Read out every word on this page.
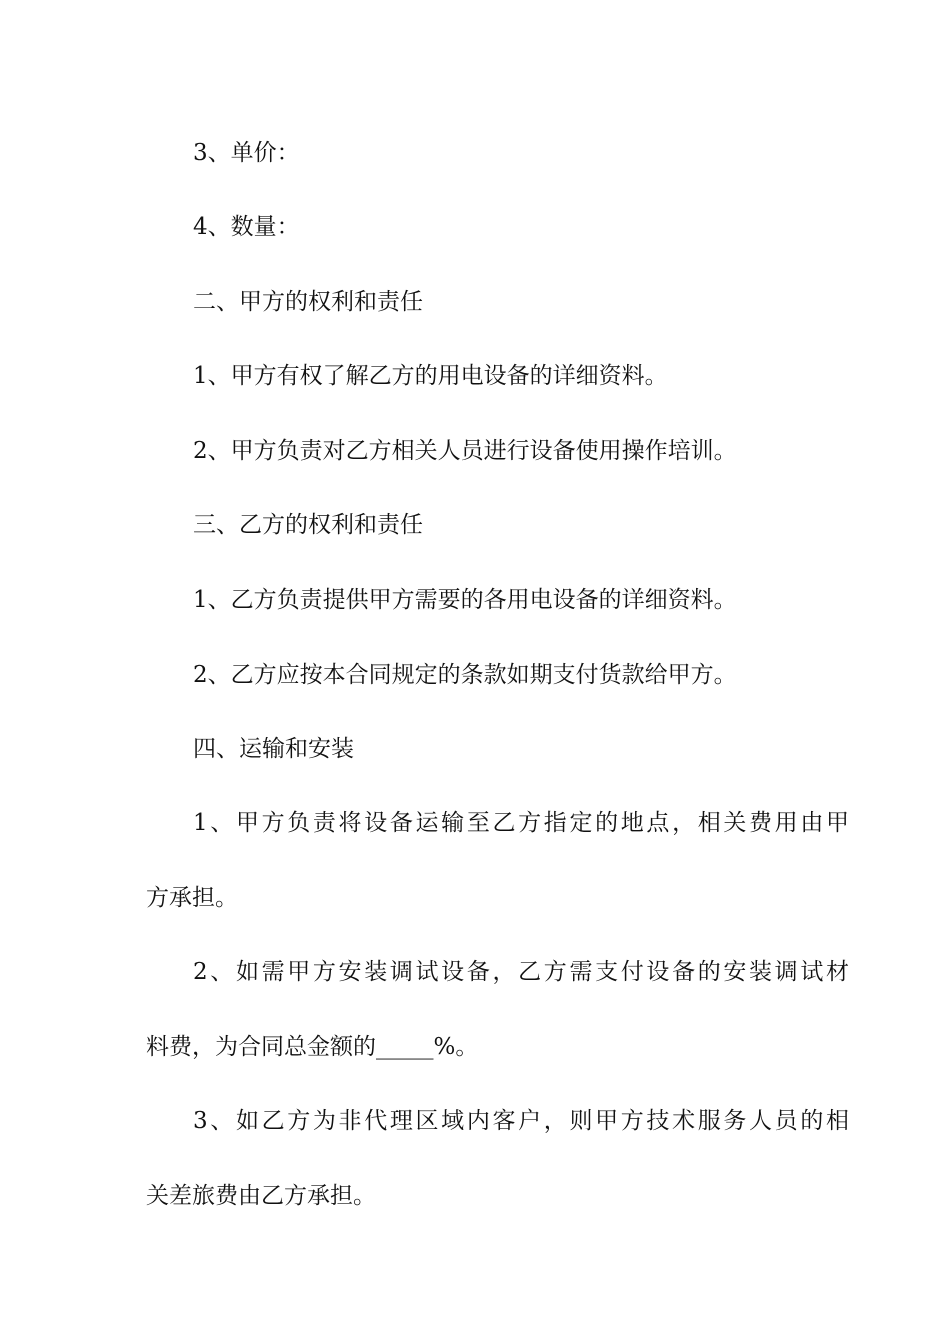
3、单价：

4、数量：

二、甲方的权利和责任

1、甲方有权了解乙方的用电设备的详细资料。

2、甲方负责对乙方相关人员进行设备使用操作培训。

三、乙方的权利和责任

1、乙方负责提供甲方需要的各用电设备的详细资料。

2、乙方应按本合同规定的条款如期支付货款给甲方。

四、运输和安装

1、甲方负责将设备运输至乙方指定的地点，相关费用由甲

方承担。

2、如需甲方安装调试设备，乙方需支付设备的安装调试材

料费，为合同总金额的_____%。

3、如乙方为非代理区域内客户，则甲方技术服务人员的相

关差旅费由乙方承担。
